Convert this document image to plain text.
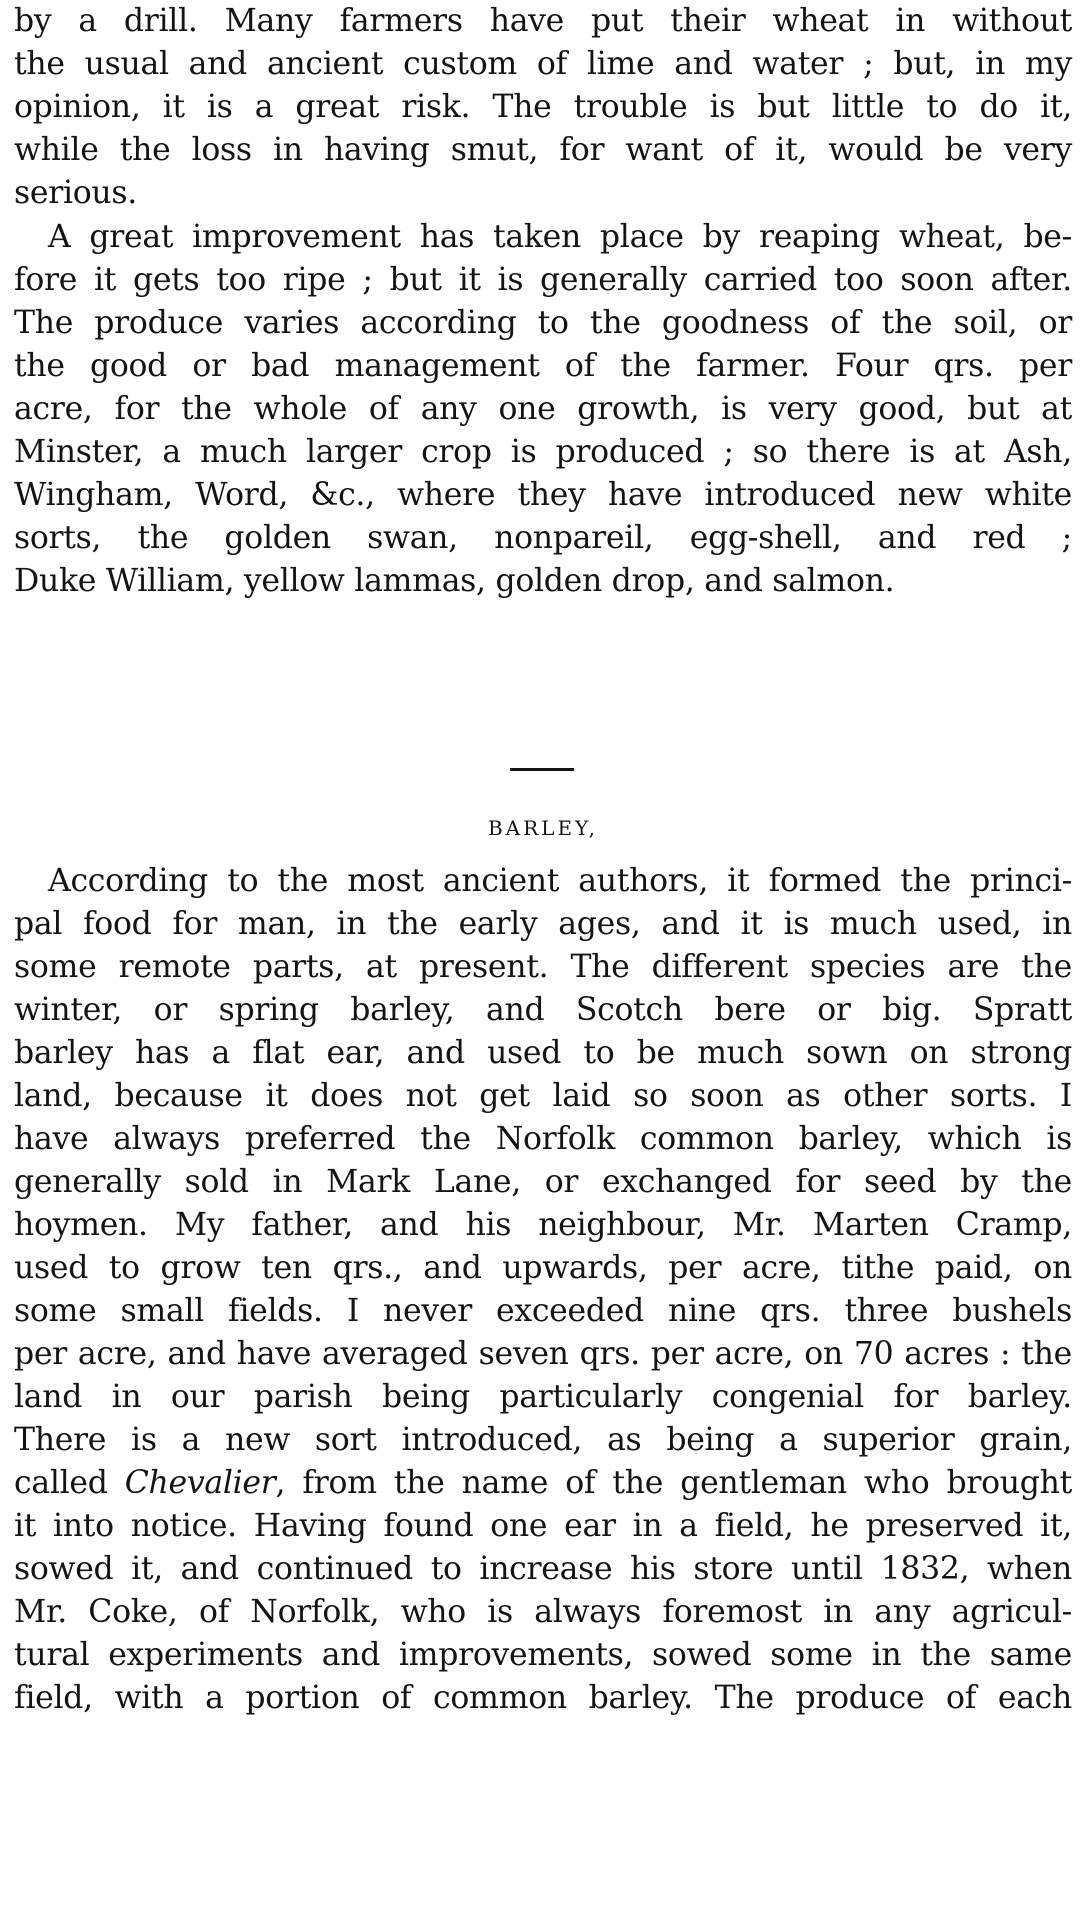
by a drill. Many farmers have put their wheat in without
the usual and ancient custom of lime and water ; but, in my
opinion, it is a great risk. The trouble is but little to do it,
while the loss in having smut, for want of it, would be very
serious.
A great improvement has taken place by reaping wheat, be-
fore it gets too ripe ; but it is generally carried too soon after.
The produce varies according to the goodness of the soil, or
the good or bad management of the farmer. Four qrs. per
acre, for the whole of any one growth, is very good, but at
Minster, a much larger crop is produced ; so there is at Ash,
Wingham, Word, &c., where they have introduced new white
sorts, the golden swan, nonpareil, egg-shell, and red ;
Duke William, yellow lammas, golden drop, and salmon.
BARLEY,
According to the most ancient authors, it formed the princi-
pal food for man, in the early ages, and it is much used, in
some remote parts, at present. The different species are the
winter, or spring barley, and Scotch bere or big. Spratt
barley has a flat ear, and used to be much sown on strong
land, because it does not get laid so soon as other sorts. I
have always preferred the Norfolk common barley, which is
generally sold in Mark Lane, or exchanged for seed by the
hoymen. My father, and his neighbour, Mr. Marten Cramp,
used to grow ten qrs., and upwards, per acre, tithe paid, on
some small fields. I never exceeded nine qrs. three bushels
per acre, and have averaged seven qrs. per acre, on 70 acres : the
land in our parish being particularly congenial for barley.
There is a new sort introduced, as being a superior grain,
called Chevalier, from the name of the gentleman who brought
it into notice. Having found one ear in a field, he preserved it,
sowed it, and continued to increase his store until 1832, when
Mr. Coke, of Norfolk, who is always foremost in any agricul-
tural experiments and improvements, sowed some in the same
field, with a portion of common barley. The produce of each
